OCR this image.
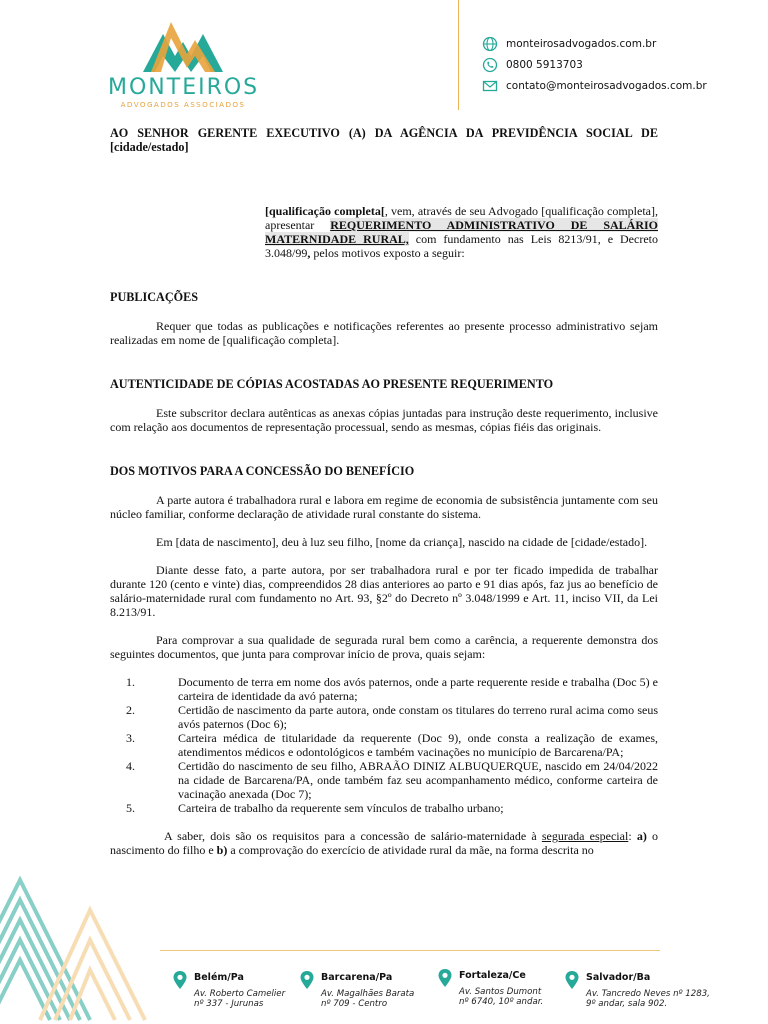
MONTEIROS
ADVOGADOS ASSOCIADOS
monteirosadvogados.com.br
0800 5913703
contato@monteirosadvogados.com.br
AO SENHOR GERENTE EXECUTIVO (A) DA AGÊNCIA DA PREVIDÊNCIA SOCIAL DE [cidade/estado]
[qualificação completa[, vem, através de seu Advogado [qualificação completa], apresentar REQUERIMENTO ADMINISTRATIVO DE SALÁRIO MATERNIDADE RURAL, com fundamento nas Leis 8213/91, e Decreto 3.048/99, pelos motivos exposto a seguir:
PUBLICAÇÕES
Requer que todas as publicações e notificações referentes ao presente processo administrativo sejam realizadas em nome de [qualificação completa].
AUTENTICIDADE DE CÓPIAS ACOSTADAS AO PRESENTE REQUERIMENTO
Este subscritor declara autênticas as anexas cópias juntadas para instrução deste requerimento, inclusive com relação aos documentos de representação processual, sendo as mesmas, cópias fiéis das originais.
DOS MOTIVOS PARA A CONCESSÃO DO BENEFÍCIO
A parte autora é trabalhadora rural e labora em regime de economia de subsistência juntamente com seu núcleo familiar, conforme declaração de atividade rural constante do sistema.
Em [data de nascimento], deu à luz seu filho, [nome da criança], nascido na cidade de [cidade/estado].
Diante desse fato, a parte autora, por ser trabalhadora rural e por ter ficado impedida de trabalhar durante 120 (cento e vinte) dias, compreendidos 28 dias anteriores ao parto e 91 dias após, faz jus ao benefício de salário-maternidade rural com fundamento no Art. 93, §2º do Decreto nº 3.048/1999 e Art. 11, inciso VII, da Lei 8.213/91.
Para comprovar a sua qualidade de segurada rural bem como a carência, a requerente demonstra dos seguintes documentos, que junta para comprovar início de prova, quais sejam:
1.	Documento de terra em nome dos avós paternos, onde a parte requerente reside e trabalha (Doc 5) e carteira de identidade da avó paterna;
2.	Certidão de nascimento da parte autora, onde constam os titulares do terreno rural acima como seus avós paternos (Doc 6);
3.	Carteira médica de titularidade da requerente (Doc 9), onde consta a realização de exames, atendimentos médicos e odontológicos e também vacinações no município de Barcarena/PA;
4.	Certidão do nascimento de seu filho, ABRAÃO DINIZ ALBUQUERQUE, nascido em 24/04/2022 na cidade de Barcarena/PA, onde também faz seu acompanhamento médico, conforme carteira de vacinação anexada (Doc 7);
5.	Carteira de trabalho da requerente sem vínculos de trabalho urbano;
A saber, dois são os requisitos para a concessão de salário-maternidade à segurada especial: a) o nascimento do filho e b) a comprovação do exercício de atividade rural da mãe, na forma descrita no
Belém/Pa
Av. Roberto Camelier
nº 337 - Jurunas
Barcarena/Pa
Av. Magalhães Barata
nº 709 - Centro
Fortaleza/Ce
Av. Santos Dumont
nº 6740, 10º andar.
Salvador/Ba
Av. Tancredo Neves nº 1283,
9º andar, sala 902.
